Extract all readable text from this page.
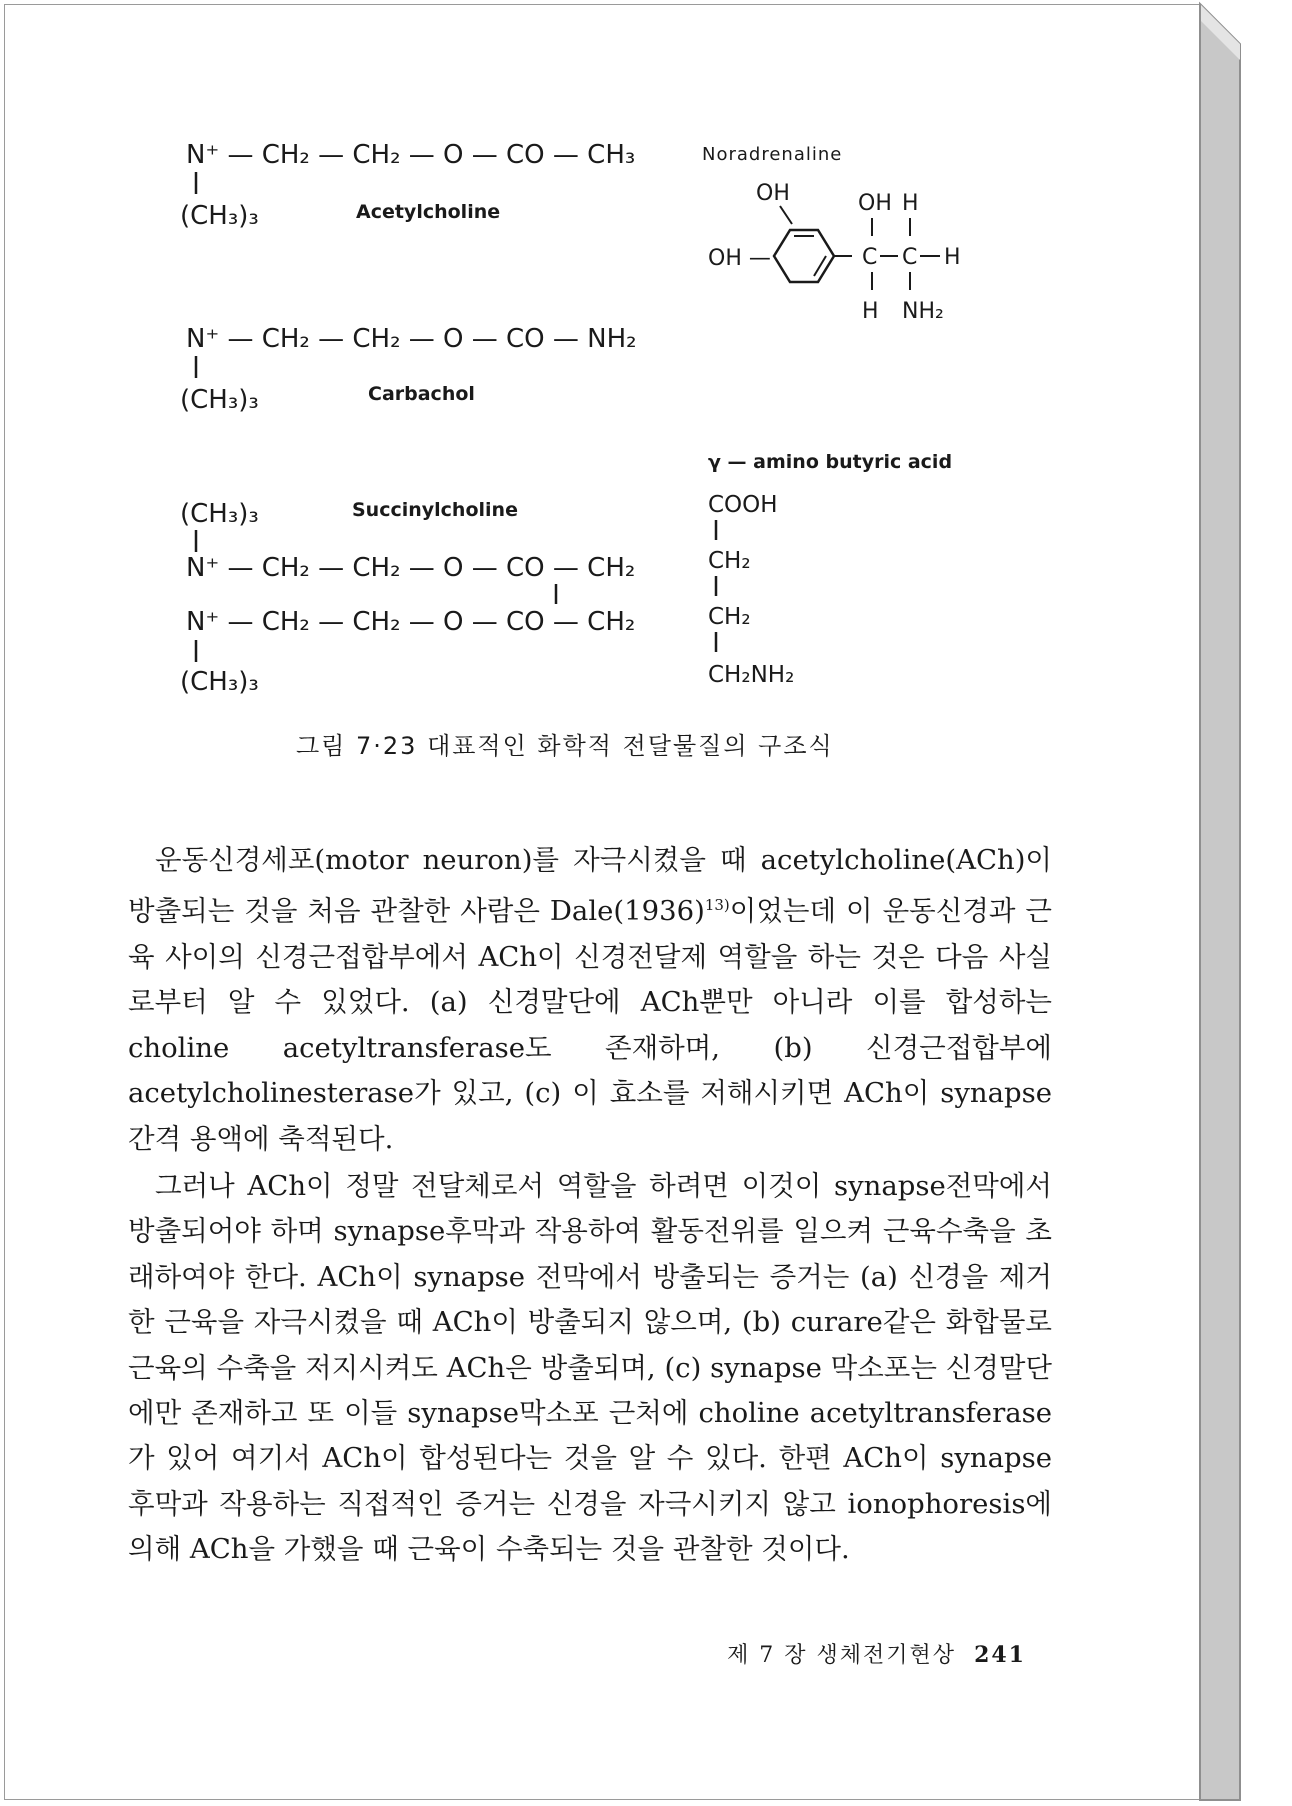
N⁺ — CH₂ — CH₂ — O — CO — CH₃
(CH₃)₃	Acetylcholine
N⁺ — CH₂ — CH₂ — O — CO — NH₂
(CH₃)₃	Carbachol
(CH₃)₃	Succinylcholine
N⁺ — CH₂ — CH₂ — O — CO — CH₂
N⁺ — CH₂ — CH₂ — O — CO — CH₂
(CH₃)₃
Noradrenaline
OH
OH —
OH H
C C H
H NH₂
γ — amino butyric acid
COOH
CH₂
CH₂
CH₂NH₂
그림 7·23 대표적인 화학적 전달물질의 구조식

운동신경세포(motor neuron)를 자극시켰을 때 acetylcholine(ACh)이 방출되는 것을 처음 관찰한 사람은 $Dale(1936)^{13)}$이었는데 이 운동신경과 근육 사이의 신경근접합부에서 ACh이 신경전달제 역할을 하는 것은 다음 사실로부터 알 수 있었다. (a) 신경말단에 ACh뿐만 아니라 이를 합성하는 choline acetyltransferase도 존재하며, (b) 신경근접합부에 acetylcholinesterase가 있고, (c) 이 효소를 저해시키면 ACh이 synapse 간격 용액에 축적된다.

그러나 ACh이 정말 전달체로서 역할을 하려면 이것이 synapse전막에서 방출되어야 하며 synapse후막과 작용하여 활동전위를 일으켜 근육수축을 초래하여야 한다. ACh이 synapse 전막에서 방출되는 증거는 (a) 신경을 제거한 근육을 자극시켰을 때 ACh이 방출되지 않으며, (b) curare같은 화합물로 근육의 수축을 저지시켜도 ACh은 방출되며, (c) synapse 막소포는 신경말단에만 존재하고 또 이들 synapse막소포 근처에 choline acetyltransferase가 있어 여기서 ACh이 합성된다는 것을 알 수 있다. 한편 ACh이 synapse 후막과 작용하는 직접적인 증거는 신경을 자극시키지 않고 ionophoresis에 의해 ACh을 가했을 때 근육이 수축되는 것을 관찰한 것이다.

제 7 장 생체전기현상 241
